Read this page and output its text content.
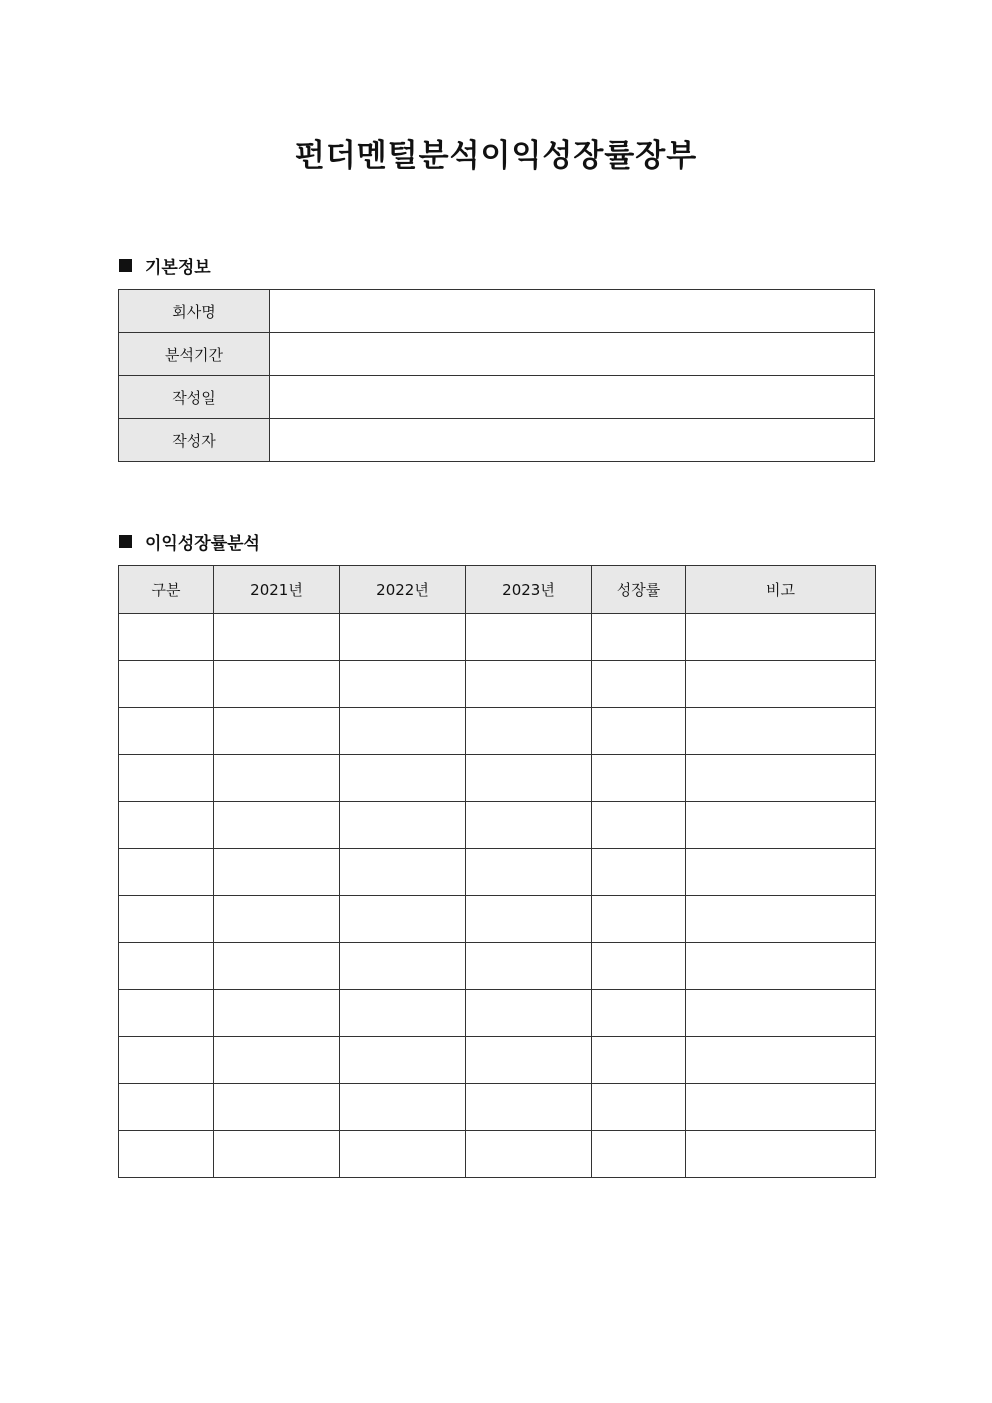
펀더멘털분석이익성장률장부
기본정보
회사명	
분석기간	
작성일	
작성자	
이익성장률분석
구분	2021년	2022년	2023년	성장률	비고
